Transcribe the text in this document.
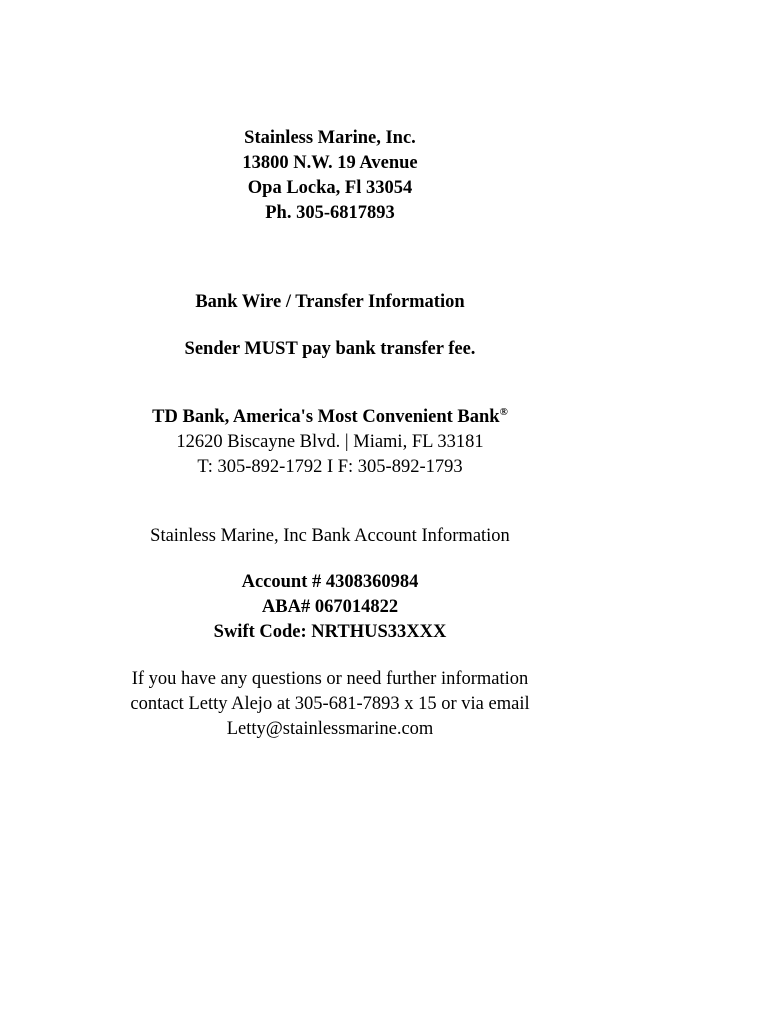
Stainless Marine, Inc.
13800 N.W. 19 Avenue
Opa Locka, Fl 33054
Ph. 305-6817893
Bank Wire / Transfer Information
Sender MUST pay bank transfer fee.
TD Bank, America's Most Convenient Bank®
12620 Biscayne Blvd. | Miami, FL 33181
T: 305-892-1792 I F: 305-892-1793
Stainless Marine, Inc Bank Account Information
Account # 4308360984
ABA# 067014822
Swift Code: NRTHUS33XXX
If you have any questions or need further information
contact Letty Alejo at 305-681-7893 x 15 or via email
Letty@stainlessmarine.com
